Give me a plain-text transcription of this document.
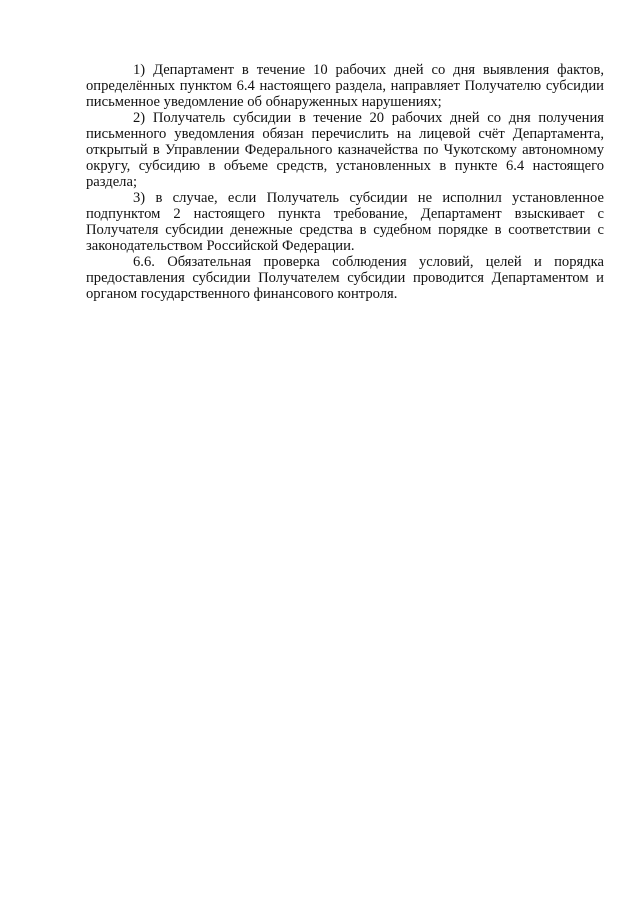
1) Департамент в течение 10 рабочих дней со дня выявления фактов, определённых пунктом 6.4 настоящего раздела, направляет Получателю субсидии письменное уведомление об обнаруженных нарушениях;

2) Получатель субсидии в течение 20 рабочих дней со дня получения письменного уведомления обязан перечислить на лицевой счёт Департамента, открытый в Управлении Федерального казначейства по Чукотскому автономному округу, субсидию в объеме средств, установленных в пункте 6.4 настоящего раздела;

3) в случае, если Получатель субсидии не исполнил установленное подпунктом 2 настоящего пункта требование, Департамент взыскивает с Получателя субсидии денежные средства в судебном порядке в соответствии с законодательством Российской Федерации.

6.6. Обязательная проверка соблюдения условий, целей и порядка предоставления субсидии Получателем субсидии проводится Департаментом и органом государственного финансового контроля.
